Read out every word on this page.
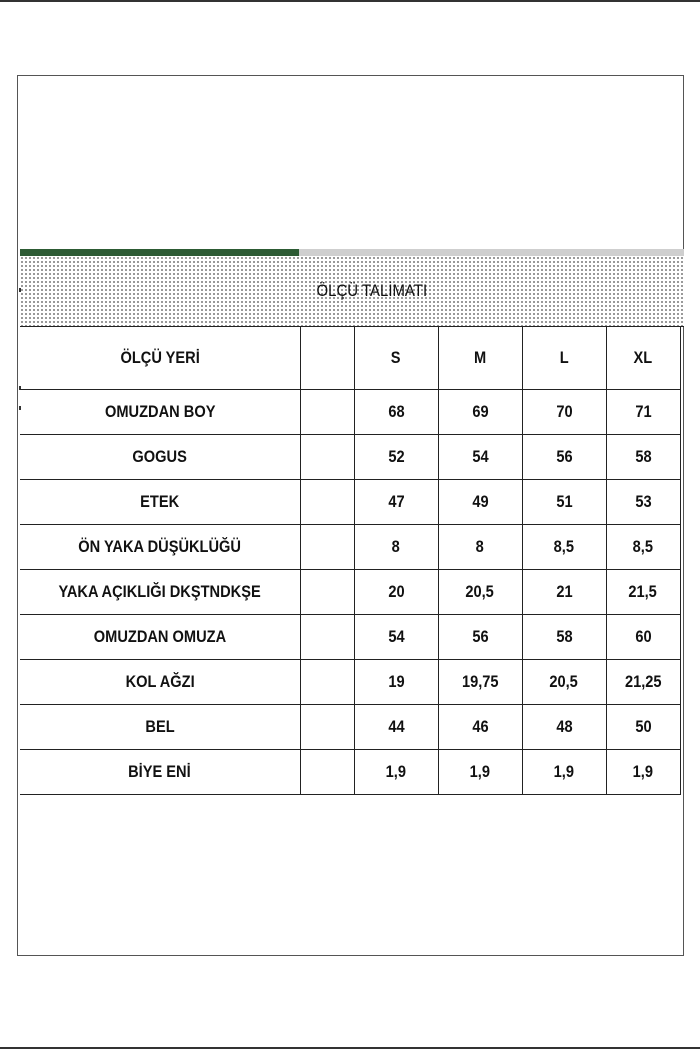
ÖLÇÜ TALİMATI
ÖLÇÜ YERİ		S	M	L	XL
OMUZDAN BOY		68	69	70	71
GOGUS		52	54	56	58
ETEK		47	49	51	53
ÖN YAKA DÜŞÜKLÜĞÜ		8	8	8,5	8,5
YAKA AÇIKLIĞI DKŞTNDKŞE		20	20,5	21	21,5
OMUZDAN OMUZA		54	56	58	60
KOL AĞZI		19	19,75	20,5	21,25
BEL		44	46	48	50
BİYE ENİ		1,9	1,9	1,9	1,9
